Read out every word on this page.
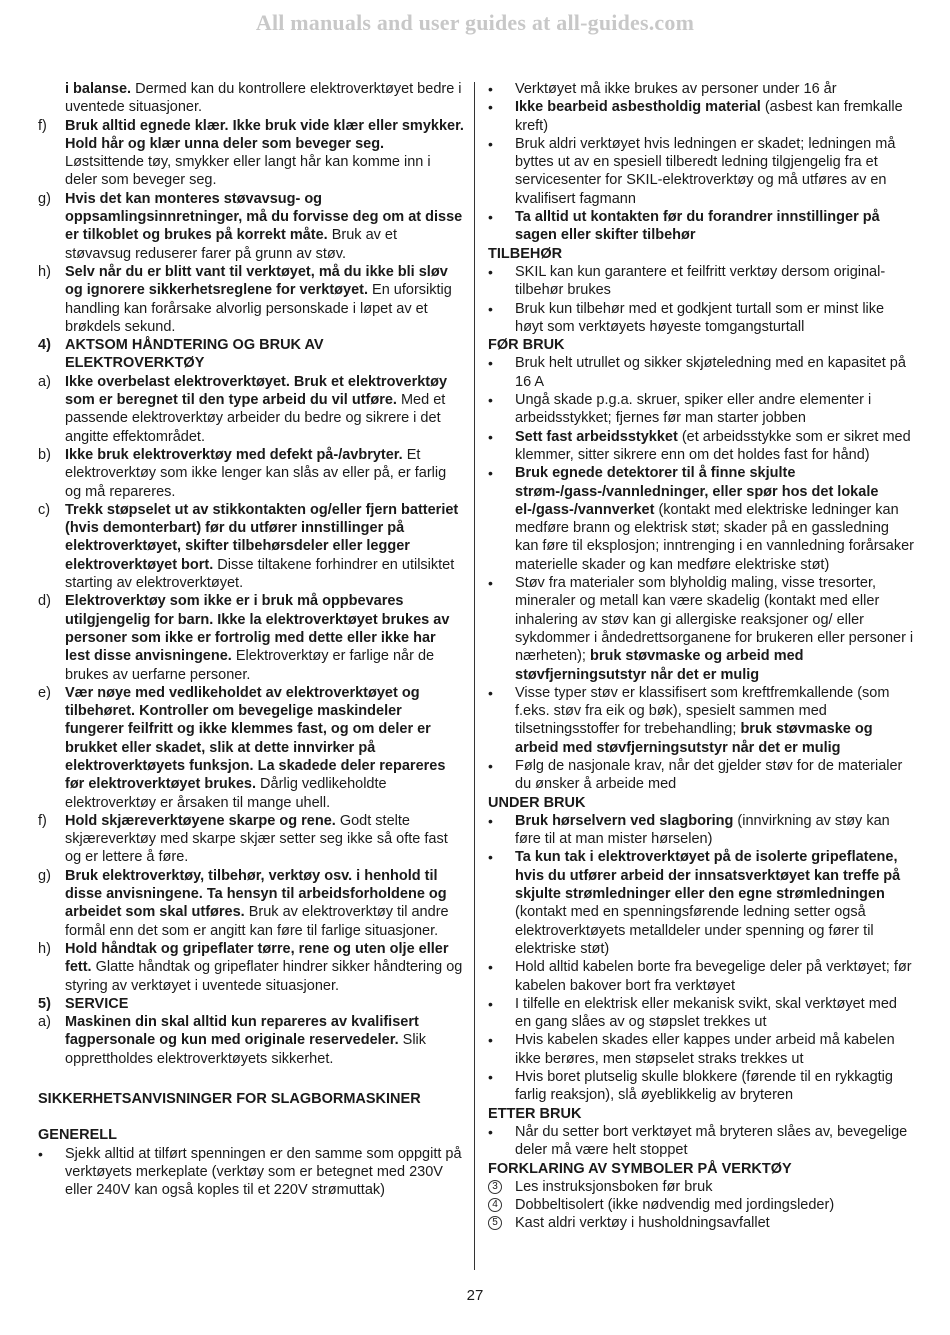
All manuals and user guides at all-guides.com
i balanse. Dermed kan du kontrollere elektroverktøyet bedre i uventede situasjoner.
f) Bruk alltid egnede klær. Ikke bruk vide klær eller smykker. Hold hår og klær unna deler som beveger seg. Løstsittende tøy, smykker eller langt hår kan komme inn i deler som beveger seg.
g) Hvis det kan monteres støvavsug- og oppsamlingsinnretninger, må du forvisse deg om at disse er tilkoblet og brukes på korrekt måte. Bruk av et støvavsug reduserer farer på grunn av støv.
h) Selv når du er blitt vant til verktøyet, må du ikke bli sløv og ignorere sikkerhetsreglene for verktøyet. En uforsiktig handling kan forårsake alvorlig personskade i løpet av et brøkdels sekund.
4) AKTSOM HÅNDTERING OG BRUK AV ELEKTROVERKTØY
a) Ikke overbelast elektroverktøyet. Bruk et elektroverktøy som er beregnet til den type arbeid du vil utføre. Med et passende elektroverktøy arbeider du bedre og sikrere i det angitte effektområdet.
b) Ikke bruk elektroverktøy med defekt på-/avbryter. Et elektroverktøy som ikke lenger kan slås av eller på, er farlig og må repareres.
c) Trekk støpselet ut av stikkontakten og/eller fjern batteriet (hvis demonterbart) før du utfører innstillinger på elektroverktøyet, skifter tilbehørsdeler eller legger elektroverktøyet bort. Disse tiltakene forhindrer en utilsiktet starting av elektroverktøyet.
d) Elektroverktøy som ikke er i bruk må oppbevares utilgjengelig for barn. Ikke la elektroverktøyet brukes av personer som ikke er fortrolig med dette eller ikke har lest disse anvisningene. Elektroverktøy er farlige når de brukes av uerfarne personer.
e) Vær nøye med vedlikeholdet av elektroverktøyet og tilbehøret. Kontroller om bevegelige maskindeler fungerer feilfritt og ikke klemmes fast, og om deler er brukket eller skadet, slik at dette innvirker på elektroverktøyets funksjon. La skadede deler repareres før elektroverktøyet brukes. Dårlig vedlikeholdte elektroverktøy er årsaken til mange uhell.
f) Hold skjæreverktøyene skarpe og rene. Godt stelte skjæreverktøy med skarpe skjær setter seg ikke så ofte fast og er lettere å føre.
g) Bruk elektroverktøy, tilbehør, verktøy osv. i henhold til disse anvisningene. Ta hensyn til arbeidsforholdene og arbeidet som skal utføres. Bruk av elektroverktøy til andre formål enn det som er angitt kan føre til farlige situasjoner.
h) Hold håndtak og gripeflater tørre, rene og uten olje eller fett. Glatte håndtak og gripeflater hindrer sikker håndtering og styring av verktøyet i uventede situasjoner.
5) SERVICE
a) Maskinen din skal alltid kun repareres av kvalifisert fagpersonale og kun med originale reservedeler. Slik opprettholdes elektroverktøyets sikkerhet.
SIKKERHETSANVISNINGER FOR SLAGBORMASKINER
GENERELL
• Sjekk alltid at tilført spenningen er den samme som oppgitt på verktøyets merkeplate (verktøy som er betegnet med 230V eller 240V kan også koples til et 220V strømuttak)
• Verktøyet må ikke brukes av personer under 16 år
• Ikke bearbeid asbestholdig material (asbest kan fremkalle kreft)
• Bruk aldri verktøyet hvis ledningen er skadet; ledningen må byttes ut av en spesiell tilberedt ledning tilgjengelig fra et servicesenter for SKIL-elektroverktøy og må utføres av en kvalifisert fagmann
• Ta alltid ut kontakten før du forandrer innstillinger på sagen eller skifter tilbehør
TILBEHØR
• SKIL kan kun garantere et feilfritt verktøy dersom original-tilbehør brukes
• Bruk kun tilbehør med et godkjent turtall som er minst like høyt som verktøyets høyeste tomgangsturtall
FØR BRUK
• Bruk helt utrullet og sikker skjøteledning med en kapasitet på 16 A
• Ungå skade p.g.a. skruer, spiker eller andre elementer i arbeidsstykket; fjernes før man starter jobben
• Sett fast arbeidsstykket (et arbeidsstykke som er sikret med klemmer, sitter sikrere enn om det holdes fast for hånd)
• Bruk egnede detektorer til å finne skjulte strøm-/gass-/vannledninger, eller spør hos det lokale el-/gass-/vannverket (kontakt med elektriske ledninger kan medføre brann og elektrisk støt; skader på en gassledning kan føre til eksplosjon; inntrenging i en vannledning forårsaker materielle skader og kan medføre elektriske støt)
• Støv fra materialer som blyholdig maling, visse tresorter, mineraler og metall kan være skadelig (kontakt med eller inhalering av støv kan gi allergiske reaksjoner og/ eller sykdommer i åndedrettsorganene for brukeren eller personer i nærheten); bruk støvmaske og arbeid med støvfjerningsutstyr når det er mulig
• Visse typer støv er klassifisert som kreftfremkallende (som f.eks. støv fra eik og bøk), spesielt sammen med tilsetningsstoffer for trebehandling; bruk støvmaske og arbeid med støvfjerningsutstyr når det er mulig
• Følg de nasjonale krav, når det gjelder støv for de materialer du ønsker å arbeide med
UNDER BRUK
• Bruk hørselvern ved slagboring (innvirkning av støy kan føre til at man mister hørselen)
• Ta kun tak i elektroverktøyet på de isolerte gripeflatene, hvis du utfører arbeid der innsatsverktøyet kan treffe på skjulte strømledninger eller den egne strømledningen (kontakt med en spenningsførende ledning setter også elektroverktøyets metalldeler under spenning og fører til elektriske støt)
• Hold alltid kabelen borte fra bevegelige deler på verktøyet; før kabelen bakover bort fra verktøyet
• I tilfelle en elektrisk eller mekanisk svikt, skal verktøyet med en gang slåes av og støpslet trekkes ut
• Hvis kabelen skades eller kappes under arbeid må kabelen ikke berøres, men støpselet straks trekkes ut
• Hvis boret plutselig skulle blokkere (førende til en rykkagtig farlig reaksjon), slå øyeblikkelig av bryteren
ETTER BRUK
• Når du setter bort verktøyet må bryteren slåes av, bevegelige deler må være helt stoppet
FORKLARING AV SYMBOLER PÅ VERKTØY
3 Les instruksjonsboken før bruk
4 Dobbeltisolert (ikke nødvendig med jordingsleder)
5 Kast aldri verktøy i husholdningsavfallet
27
